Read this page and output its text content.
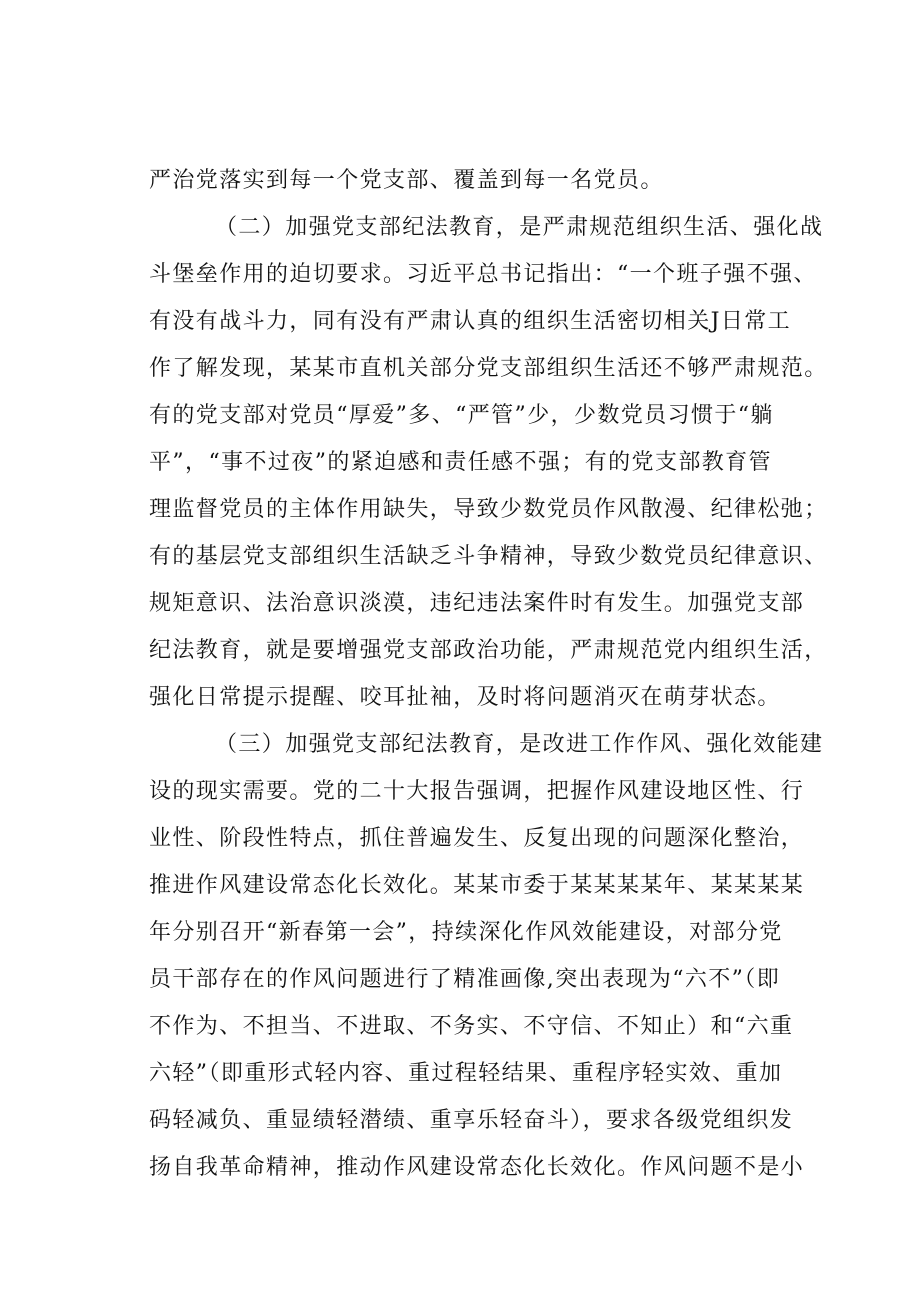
严治党落实到每一个党支部、覆盖到每一名党员。
（二）加强党支部纪法教育，是严肃规范组织生活、强化战
斗堡垒作用的迫切要求。习近平总书记指出：“一个班子强不强、
有没有战斗力，同有没有严肃认真的组织生活密切相关J日常工
作了解发现，某某市直机关部分党支部组织生活还不够严肃规范。
有的党支部对党员“厚爱”多、“严管”少，少数党员习惯于“躺
平”，“事不过夜”的紧迫感和责任感不强；有的党支部教育管
理监督党员的主体作用缺失，导致少数党员作风散漫、纪律松弛；
有的基层党支部组织生活缺乏斗争精神，导致少数党员纪律意识、
规矩意识、法治意识淡漠，违纪违法案件时有发生。加强党支部
纪法教育，就是要增强党支部政治功能，严肃规范党内组织生活，
强化日常提示提醒、咬耳扯袖，及时将问题消灭在萌芽状态。
（三）加强党支部纪法教育，是改进工作作风、强化效能建
设的现实需要。党的二十大报告强调，把握作风建设地区性、行
业性、阶段性特点，抓住普遍发生、反复出现的问题深化整治，
推进作风建设常态化长效化。某某市委于某某某某年、某某某某
年分别召开“新春第一会”，持续深化作风效能建设，对部分党
员干部存在的作风问题进行了精准画像,突出表现为“六不”（即
不作为、不担当、不进取、不务实、不守信、不知止）和“六重
六轻”（即重形式轻内容、重过程轻结果、重程序轻实效、重加
码轻减负、重显绩轻潜绩、重享乐轻奋斗），要求各级党组织发
扬自我革命精神，推动作风建设常态化长效化。作风问题不是小
